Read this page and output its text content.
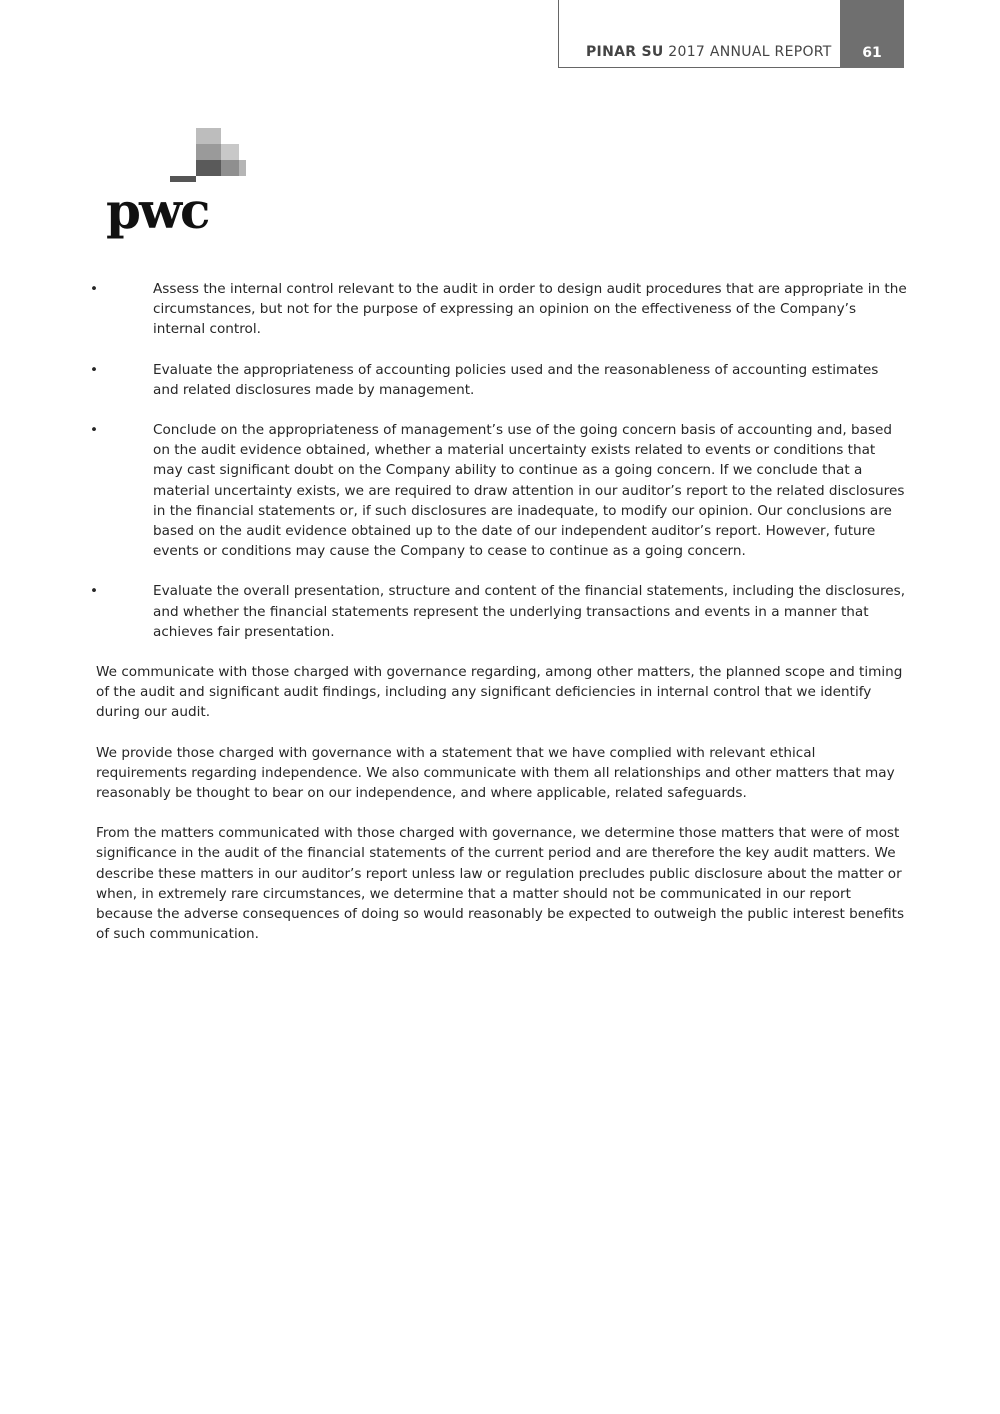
PINAR SU 2017 ANNUAL REPORT	61
pwc
•	Assess the internal control relevant to the audit in order to design audit procedures that are appropriate in the circumstances, but not for the purpose of expressing an opinion on the effectiveness of the Company’s internal control.
•	Evaluate the appropriateness of accounting policies used and the reasonableness of accounting estimates and related disclosures made by management.
•	Conclude on the appropriateness of management’s use of the going concern basis of accounting and, based on the audit evidence obtained, whether a material uncertainty exists related to events or conditions that may cast significant doubt on the Company ability to continue as a going concern. If we conclude that a material uncertainty exists, we are required to draw attention in our auditor’s report to the related disclosures in the financial statements or, if such disclosures are inadequate, to modify our opinion. Our conclusions are based on the audit evidence obtained up to the date of our independent auditor’s report. However, future events or conditions may cause the Company to cease to continue as a going concern.
•	Evaluate the overall presentation, structure and content of the financial statements, including the disclosures, and whether the financial statements represent the underlying transactions and events in a manner that achieves fair presentation.

We communicate with those charged with governance regarding, among other matters, the planned scope and timing of the audit and significant audit findings, including any significant deficiencies in internal control that we identify during our audit.

We provide those charged with governance with a statement that we have complied with relevant ethical requirements regarding independence. We also communicate with them all relationships and other matters that may reasonably be thought to bear on our independence, and where applicable, related safeguards.

From the matters communicated with those charged with governance, we determine those matters that were of most significance in the audit of the financial statements of the current period and are therefore the key audit matters. We describe these matters in our auditor’s report unless law or regulation precludes public disclosure about the matter or when, in extremely rare circumstances, we determine that a matter should not be communicated in our report because the adverse consequences of doing so would reasonably be expected to outweigh the public interest benefits of such communication.
